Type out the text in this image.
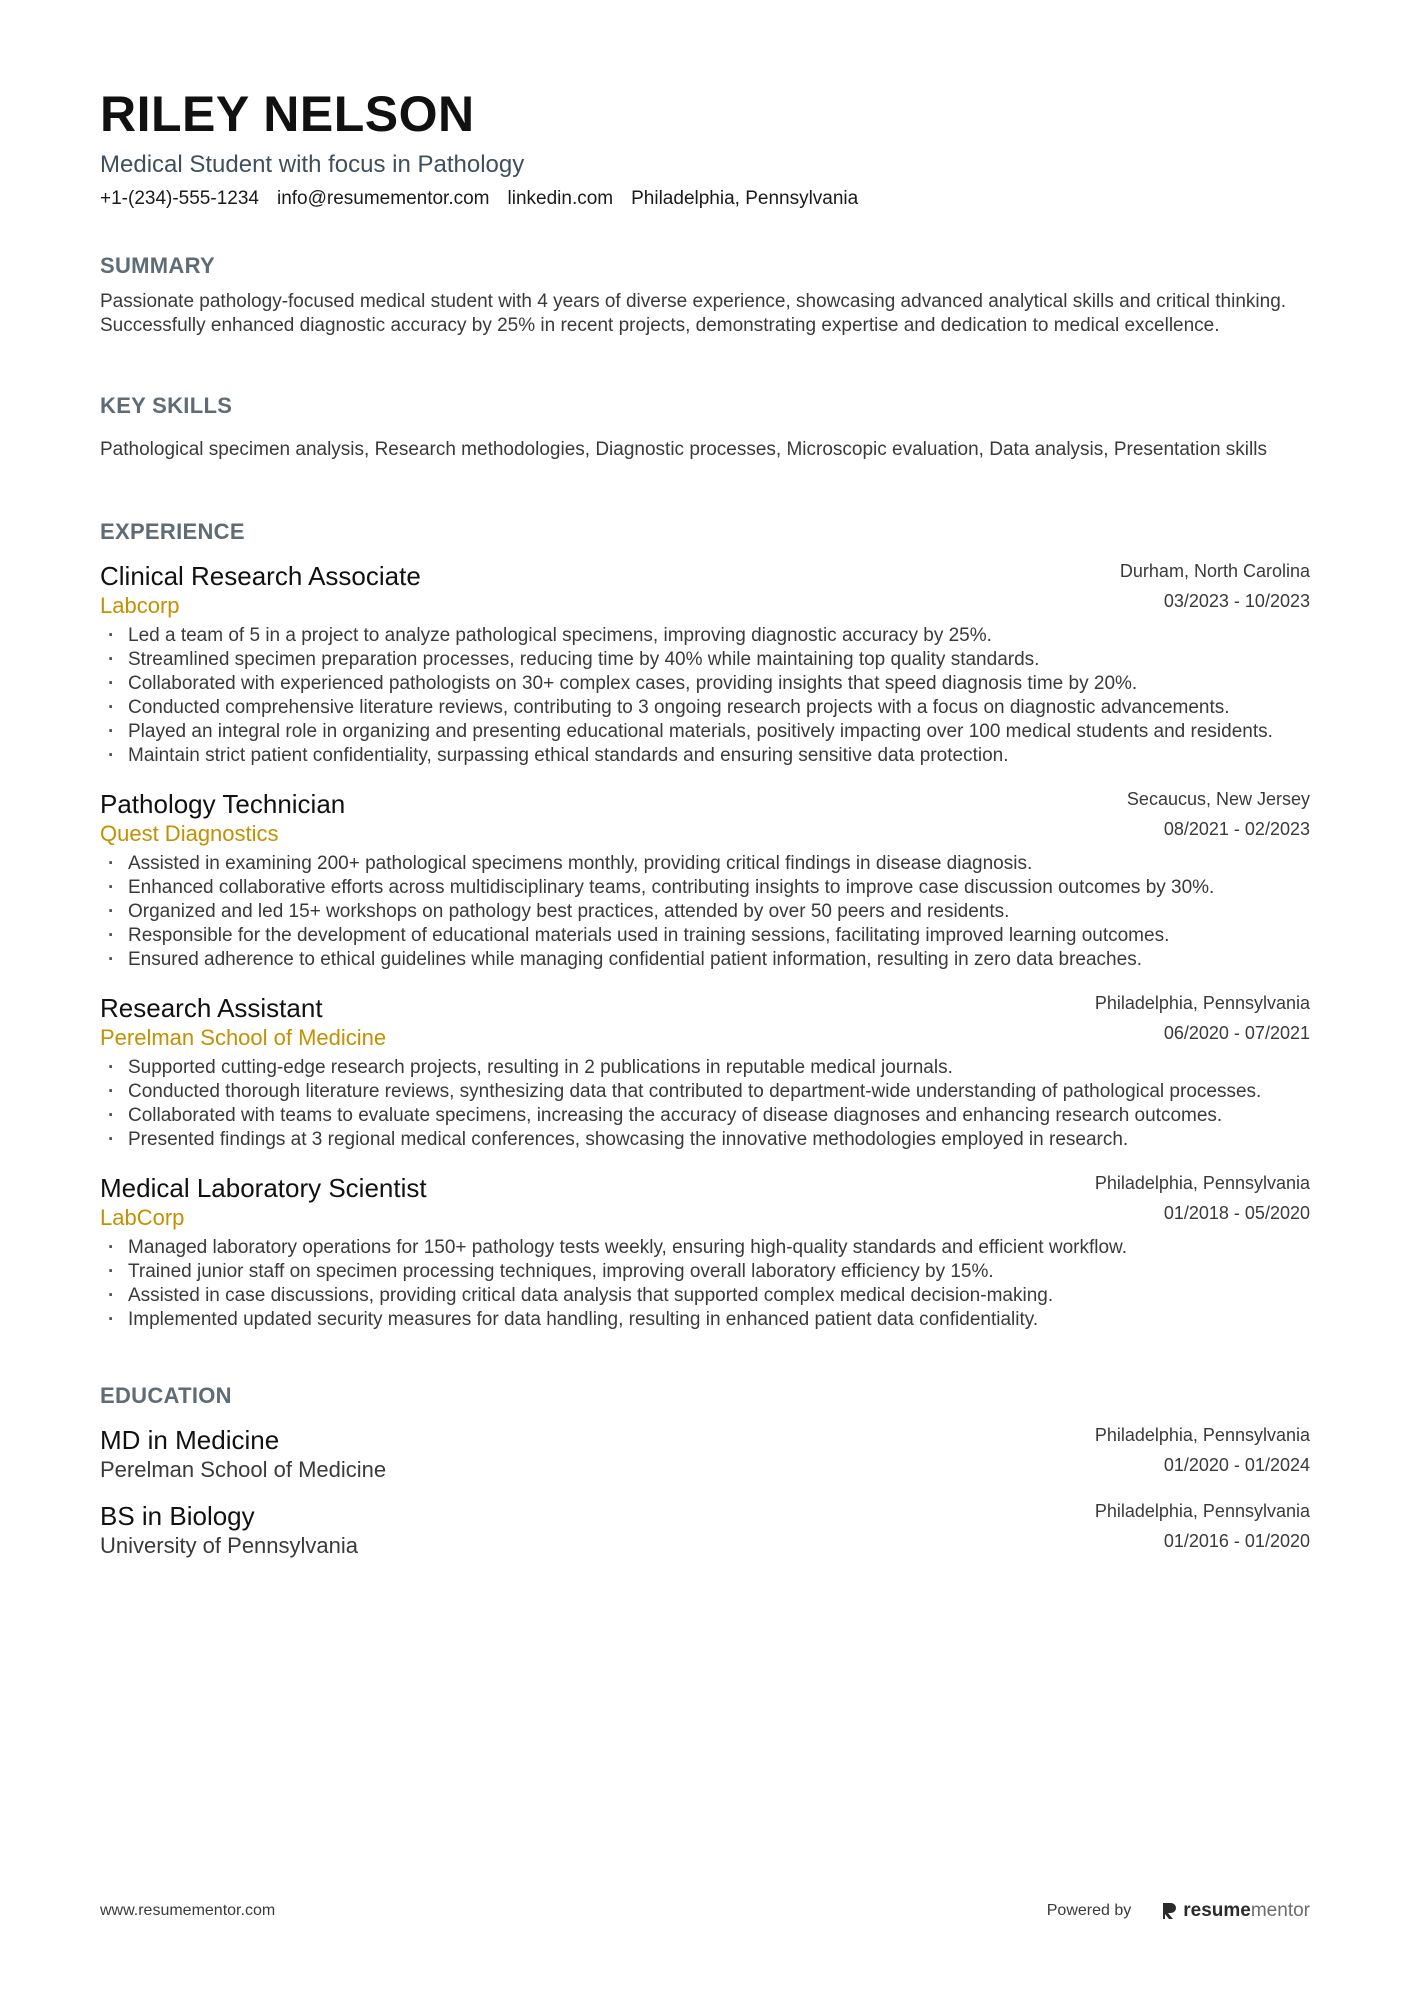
RILEY NELSON
Medical Student with focus in Pathology
+1-(234)-555-1234 info@resumementor.com linkedin.com Philadelphia, Pennsylvania
SUMMARY
Passionate pathology-focused medical student with 4 years of diverse experience, showcasing advanced analytical skills and critical thinking. Successfully enhanced diagnostic accuracy by 25% in recent projects, demonstrating expertise and dedication to medical excellence.
KEY SKILLS
Pathological specimen analysis, Research methodologies, Diagnostic processes, Microscopic evaluation, Data analysis, Presentation skills
EXPERIENCE
Clinical Research Associate
Labcorp
Durham, North Carolina
03/2023 - 10/2023
· Led a team of 5 in a project to analyze pathological specimens, improving diagnostic accuracy by 25%.
· Streamlined specimen preparation processes, reducing time by 40% while maintaining top quality standards.
· Collaborated with experienced pathologists on 30+ complex cases, providing insights that speed diagnosis time by 20%.
· Conducted comprehensive literature reviews, contributing to 3 ongoing research projects with a focus on diagnostic advancements.
· Played an integral role in organizing and presenting educational materials, positively impacting over 100 medical students and residents.
· Maintain strict patient confidentiality, surpassing ethical standards and ensuring sensitive data protection.
Pathology Technician
Quest Diagnostics
Secaucus, New Jersey
08/2021 - 02/2023
· Assisted in examining 200+ pathological specimens monthly, providing critical findings in disease diagnosis.
· Enhanced collaborative efforts across multidisciplinary teams, contributing insights to improve case discussion outcomes by 30%.
· Organized and led 15+ workshops on pathology best practices, attended by over 50 peers and residents.
· Responsible for the development of educational materials used in training sessions, facilitating improved learning outcomes.
· Ensured adherence to ethical guidelines while managing confidential patient information, resulting in zero data breaches.
Research Assistant
Perelman School of Medicine
Philadelphia, Pennsylvania
06/2020 - 07/2021
· Supported cutting-edge research projects, resulting in 2 publications in reputable medical journals.
· Conducted thorough literature reviews, synthesizing data that contributed to department-wide understanding of pathological processes.
· Collaborated with teams to evaluate specimens, increasing the accuracy of disease diagnoses and enhancing research outcomes.
· Presented findings at 3 regional medical conferences, showcasing the innovative methodologies employed in research.
Medical Laboratory Scientist
LabCorp
Philadelphia, Pennsylvania
01/2018 - 05/2020
· Managed laboratory operations for 150+ pathology tests weekly, ensuring high-quality standards and efficient workflow.
· Trained junior staff on specimen processing techniques, improving overall laboratory efficiency by 15%.
· Assisted in case discussions, providing critical data analysis that supported complex medical decision-making.
· Implemented updated security measures for data handling, resulting in enhanced patient data confidentiality.
EDUCATION
MD in Medicine
Perelman School of Medicine
Philadelphia, Pennsylvania
01/2020 - 01/2024
BS in Biology
University of Pennsylvania
Philadelphia, Pennsylvania
01/2016 - 01/2020
www.resumementor.com	Powered by	resume mentor
